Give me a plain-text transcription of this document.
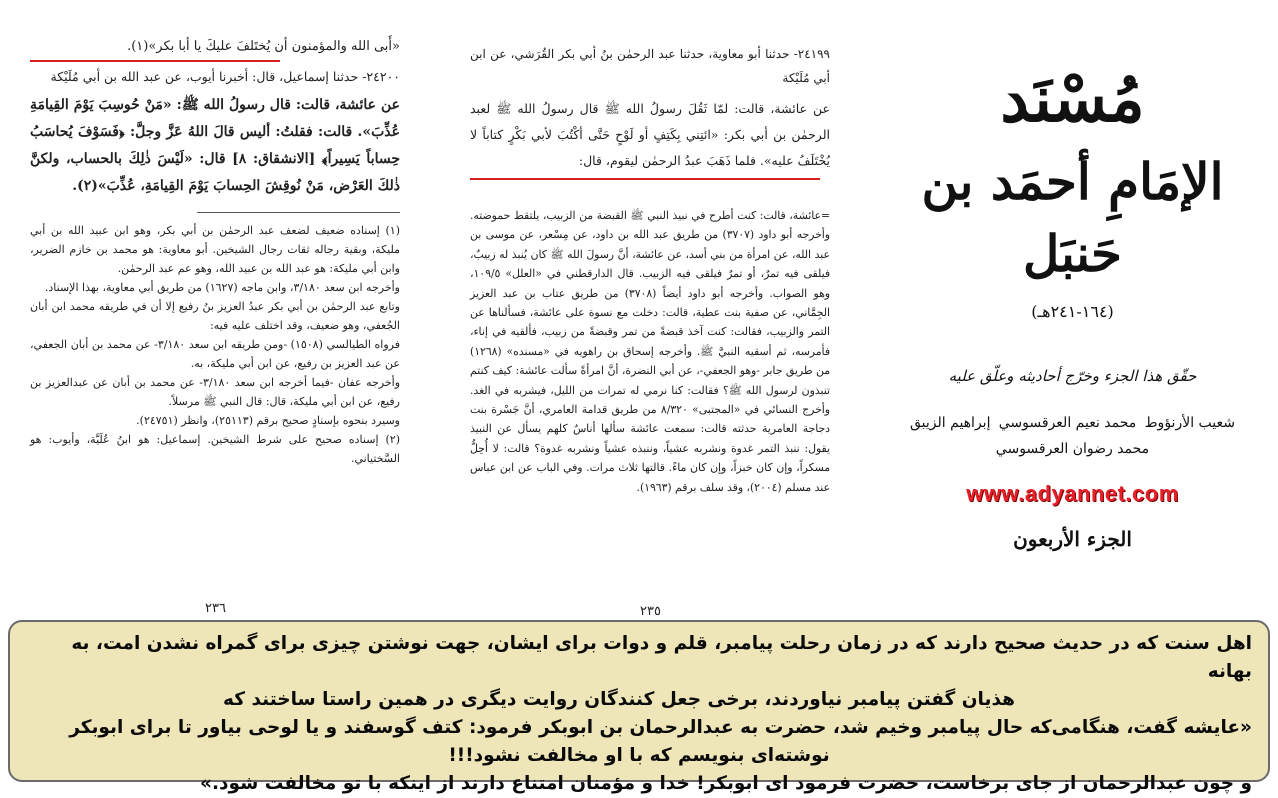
«أَبى الله والمؤمنون أن يُختَلفَ عليكَ يا أبا بكر»(١).
٢٤٢٠٠- حدثنا إسماعيل، قال: أخبرنا أيوب، عن عبد الله بن أبي مُلَيْكة
عن عائشة، قالت: قال رسولُ الله ﷺ: «مَنْ حُوسِبَ يَوْمَ القِيامَةِ عُذِّبَ». قالت: فقلتُ: أليس قالَ اللهُ عَزَّ وجلَّ: ﴿فَسَوْفَ يُحاسَبُ حِساباً يَسِيراً﴾ [الانشقاق: ٨] قال: «لَيْسَ ذٰلِكَ بالحساب، ولكنَّ ذٰلكَ العَرْض، مَنْ نُوقِشَ الحِسابَ يَوْمَ القِيامَةِ، عُذِّبَ»(٢).

(١) إسناده ضعيف لضعف عبد الرحمٰن بن أبي بكر، وهو ابن عبيد الله بن أبي مليكة، وبقية رجاله ثقات رجال الشيخين. أبو معاوية: هو محمد بن خازم الضرير، وابن أبي مليكة: هو عبد الله بن عبيد الله، وهو عم عبد الرحمٰن.

وأخرجه ابن سعد ٣/١٨٠، وابن ماجه (١٦٢٧) من طريق أبي معاوية، بهذا الإسناد.

وتابع عبد الرحمٰن بن أبي بكر عبدُ العزيز بنُ رفيع إلا أن في طريقه محمد ابن أبان الجُعفي، وهو ضعيف، وقد اختلف عليه فيه:

فرواه الطيالسي (١٥٠٨) -ومن طريقه ابن سعد ٣/١٨٠- عن محمد بن أبان الجعفي، عن عبد العزيز بن رفيع، عن ابن أبي مليكة، به.

وأخرجه عفان -فيما أخرجه ابن سعد ٣/١٨٠- عن محمد بن أبان عن عبدالعزيز بن رفيع، عن ابن أبي مليكة، قال: قال النبي ﷺ مرسلاً.

وسيرد بنحوه بإسنادٍ صحيح برقم (٢٥١١٣)، وانظر (٢٤٧٥١).

(٢) إسناده صحيح على شرط الشيخين. إسماعيل: هو ابنُ عُلَيَّة، وأيوب: هو السَّختياني.

٢٣٦
٢٤١٩٩- حدثنا أبو معاوية، حدثنا عبد الرحمٰن بنُ أبي بكر القُرَشي، عن ابن أبي مُلَيْكة
عن عائشة، قالت: لمّا ثَقُلَ رسولُ الله ﷺ قال رسولُ الله ﷺ لعبد الرحمٰن بن أبي بكر: «ائتِني بِكَتِفٍ أو لَوْحٍ حَتَّى أكْتُبَ لأبي بَكْرٍ كتاباً لا يُخْتَلَفُ عليه». فلما ذَهَبَ عبدُ الرحمٰن ليقوم، قال:
=عائشة، قالت: كنت أطرح في نبيذ النبي ﷺ القبضة من الزبيب، يلتقط حموضته. وأخرجه أبو داود (٣٧٠٧) من طريق عبد الله بن داود، عن مِسْعر، عن موسى بن عبد الله، عن امرأة من بني أسد، عن عائشة، أنَّ رسولَ الله ﷺ كان يُنبذ له زبيبٌ، فيلقى فيه تمرٌ، أو تمرٌ فيلقى فيه الزبيب. قال الدارقطني في «العلل» ١٠٩/٥، وهو الصواب. وأخرجه أبو داود أيضاً (٣٧٠٨) من طريق عتاب بن عبد العزيز الجِمَّاني، عن صفية بنت عطية، قالت: دخلت مع نسوة على عائشة، فسألناها عن التمر والزبيب، فقالت: كنت آخذ قبضةً من تمر وقبضةً من زبيب، فألقيه في إناء، فأمرسه، ثم أسقيه النبيَّ ﷺ. وأخرجه إسحاق بن راهويه في «مسنده» (١٢٦٨) من طريق جابر -وهو الجعفي-، عن أبي النضرة، أنَّ امرأةً سألت عائشة: كيف كنتم تنبذون لرسول الله ﷺ؟ فقالت: كنا نرمي له تمرات من الليل، فيشربه في الغد. وأخرج النسائي في «المجتبى» ٨/٣٢٠ من طريق قدامة العامري، أنَّ جَسْرة بنت دجاجة العامرية حدثته قالت: سمعت عائشة سألها أناسٌ كلهم يسأل عن النبيذ يقول: ننبذ التمر غدوة ونشربه عشياً، وننبذه عشياً ونشربه غدوة؟ قالت: لا أُحِلُّ مسكراً، وإن كان خبزاً، وإن كان ماءً. قالتها ثلاث مرات. وفي الباب عن ابن عباس عند مسلم (٢٠٠٤)، وقد سلف برقم (١٩٦٣).
٢٣٥
مُسْنَد
الإمَامِ أحمَد بن حَنبَل
(١٦٤-٢٤١هـ)
حقّق هذا الجزء وخرّج أحاديثه وعلّق عليه
شعيب الأرنؤوط
محمد نعيم العرقسوسي
إبراهيم الزيبق
محمد رضوان العرقسوسي
www.adyannet.com
الجزء الأربعون

اهل سنت که در حدیث صحیح دارند که در زمان رحلت پیامبر، قلم و دوات برای ایشان، جهت نوشتن چیزی برای گمراه نشدن امت، به بهانه

هذیان گفتن پیامبر نیاوردند، برخی جعل کنندگان روایت دیگری در همین راستا ساختند که

«عایشه گفت، هنگامی‌که حال پیامبر وخیم شد، حضرت به عبدالرحمان بن ابوبکر فرمود: کتف گوسفند و یا لوحی بیاور تا برای ابوبکر

نوشته‌ای بنویسم که با او مخالفت نشود!!!

و چون عبدالرحمان از جای برخاست، حضرت فرمود ای ابوبکر! خدا و مؤمنان امتناع دارند از اینکه با تو مخالفت شود.»
